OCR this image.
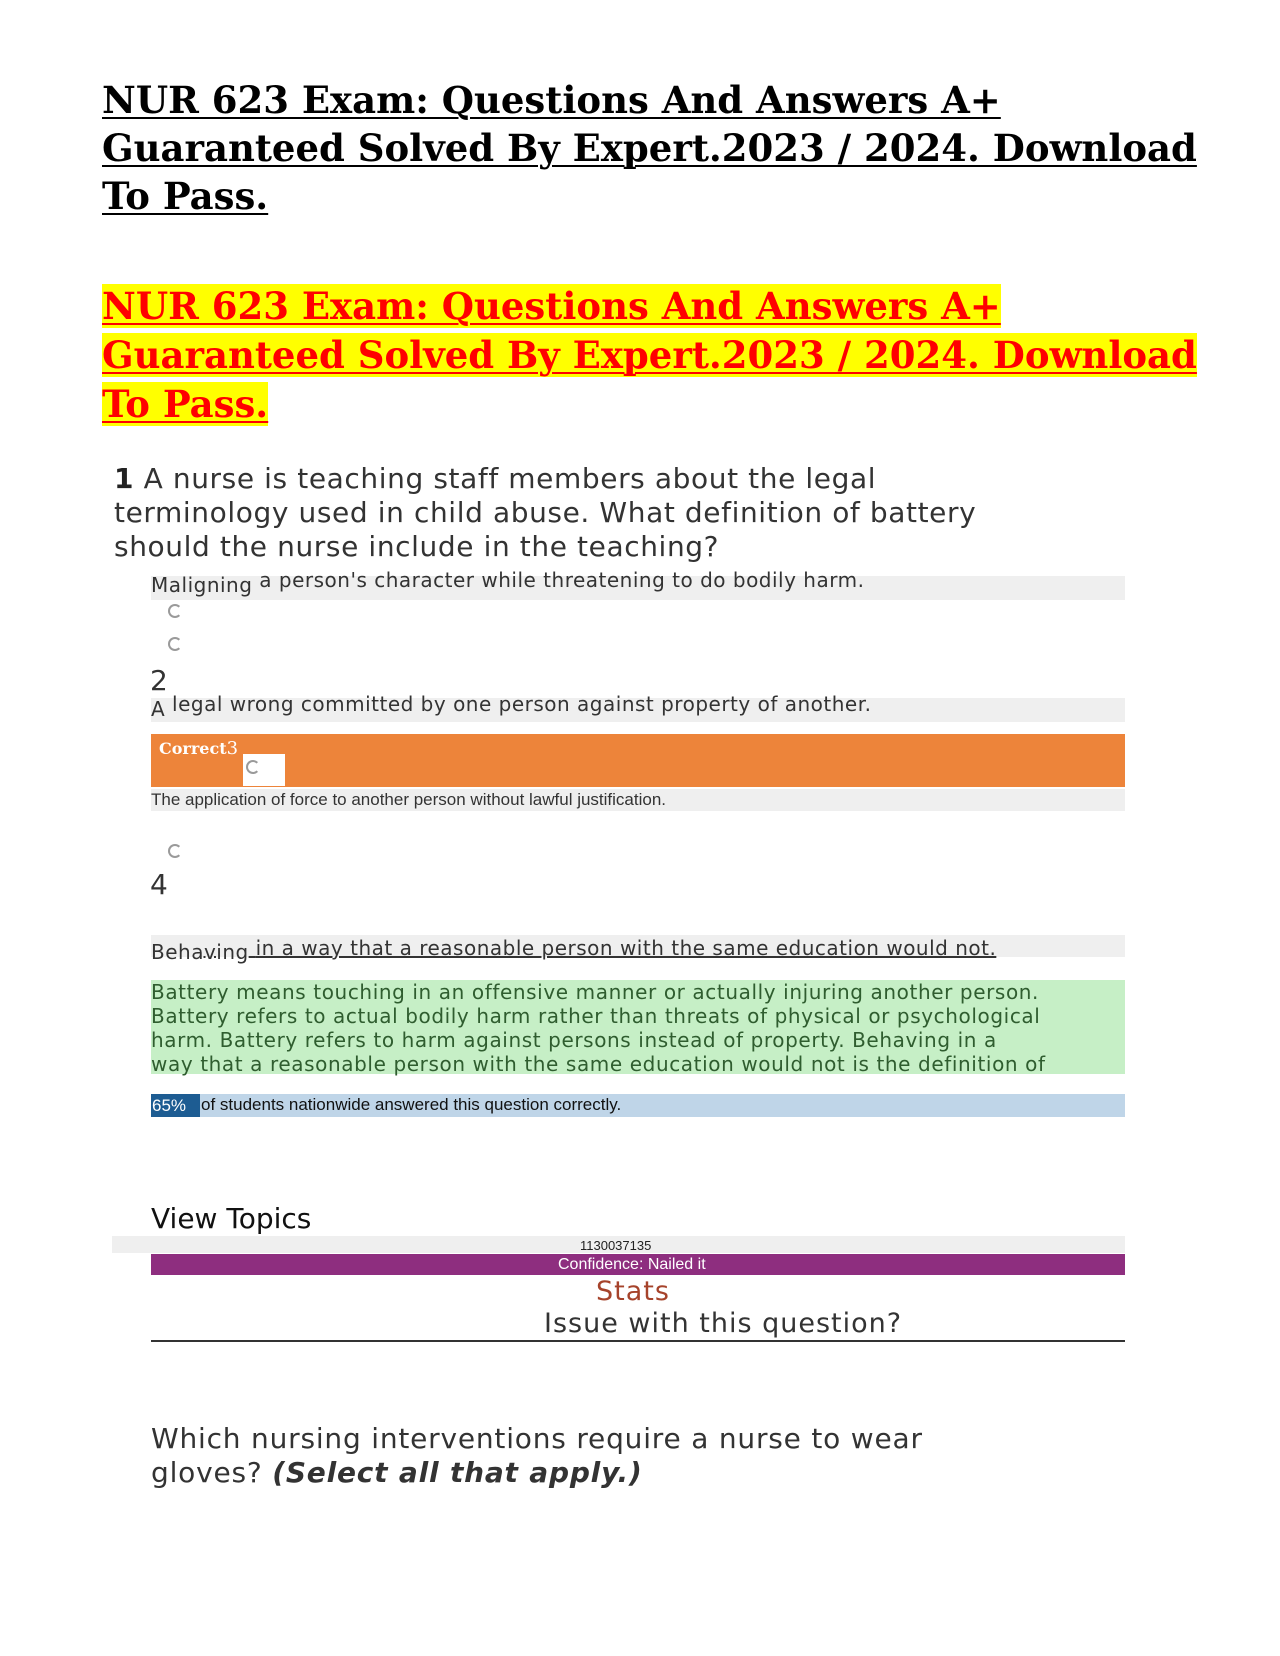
NUR 623 Exam: Questions And Answers A+
Guaranteed Solved By Expert.2023 / 2024. Download
To Pass.
NUR 623 Exam: Questions And Answers A+
Guaranteed Solved By Expert.2023 / 2024. Download
To Pass.
1 A nurse is teaching staff members about the legal
terminology used in child abuse. What definition of battery
should the nurse include in the teaching?
Maligning a person's character while threatening to do bodily harm.
2
A legal wrong committed by one person against property of another.
Correct3
The application of force to another person without lawful justification.
4
Behaving in a way that a reasonable person with the same education would not.
Battery means touching in an offensive manner or actually injuring another person.
Battery refers to actual bodily harm rather than threats of physical or psychological
harm. Battery refers to harm against persons instead of property. Behaving in a
way that a reasonable person with the same education would not is the definition of
65% of students nationwide answered this question correctly.
View Topics
1130037135
Confidence: Nailed it
Stats
Issue with this question?
Which nursing interventions require a nurse to wear
gloves? (Select all that apply.)
